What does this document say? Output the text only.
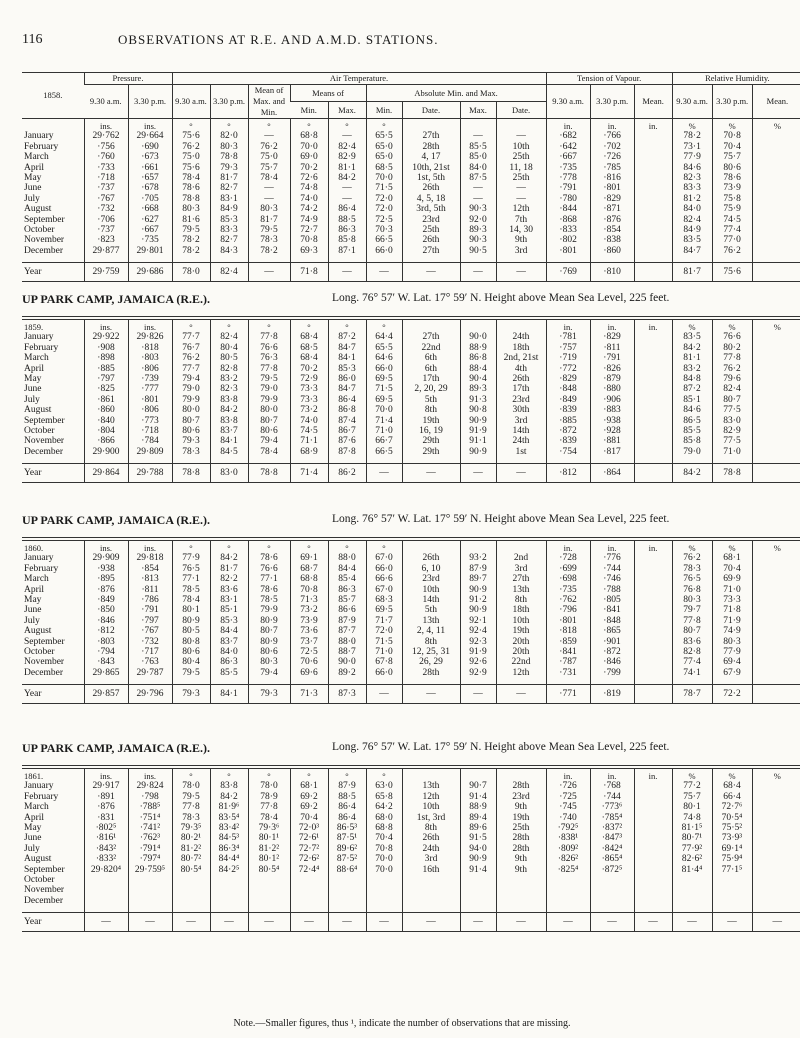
116	OBSERVATIONS AT R.E. AND A.M.D. STATIONS.
1858.	Pressure.		Air Temperature.									Tension of Vapour.			Relative Humidity.		
	9.30 a.m.	3.30 p.m.	9.30 a.m.	3.30 p.m.	Mean of Max. and Min.	Means of		Absolute Min. and Max.				9.30 a.m.	3.30 p.m.	Mean.	9.30 a.m.	3.30 p.m.	Mean.
						Min.	Max.	Min.	Date.	Max.	Date.						
	ins.	ins.	°	°	°	°	°	°				in.	in.	in.	%	%	%
January	29·762	29·664	75·6	82·0	—	68·8	—	65·5	27th	—	—	·682	·766		78·2	70·8	
February	·756	·690	76·2	80·3	76·2	70·0	82·4	65·0	28th	85·5	10th	·642	·702		73·1	70·4	
March	·760	·673	75·0	78·8	75·0	69·0	82·9	65·0	4, 17	85·0	25th	·667	·726		77·9	75·7	
April	·733	·661	75·6	79·3	75·7	70·2	81·1	68·5	10th, 21st	84·0	11, 18	·735	·785		84·6	80·6	
May	·718	·657	78·4	81·7	78·4	72·6	84·2	70·0	1st, 5th	87·5	25th	·778	·816		82·3	78·6	
June	·737	·678	78·6	82·7	—	74·8	—	71·5	26th	—	—	·791	·801		83·3	73·9	
July	·767	·705	78·8	83·1	—	74·0	—	72·0	4, 5, 18	—	—	·780	·829		81·2	75·8	
August	·732	·668	80·3	84·9	80·3	74·2	86·4	72·0	3rd, 5th	90·3	12th	·844	·871		84·0	75·9	
September	·706	·627	81·6	85·3	81·7	74·9	88·5	72·5	23rd	92·0	7th	·868	·876		82·4	74·5	
October	·737	·667	79·5	83·3	79·5	72·7	86·3	70·3	25th	89·3	14, 30	·833	·854		84·9	77·4	
November	·823	·735	78·2	82·7	78·3	70·8	85·8	66·5	26th	90·3	9th	·802	·838		83·5	77·0	
December	29·877	29·801	78·2	84·3	78·2	69·3	87·1	66·0	27th	90·5	3rd	·801	·860		84·7	76·2	

Year	29·759	29·686	78·0	82·4	—	71·8	—	—	—	—	—	·769	·810		81·7	75·6	
UP PARK CAMP, JAMAICA (R.E.).	Long. 76° 57′ W. Lat. 17° 59′ N. Height above Mean Sea Level, 225 feet.

1859.	ins.	ins.	°	°	°	°	°	°				in.	in.	in.	%	%	%
January	29·922	29·826	77·7	82·4	77·8	68·4	87·2	64·4	27th	90·0	24th	·781	·829		83·5	76·6	
February	·908	·818	76·7	80·4	76·6	68·5	84·7	65·5	22nd	88·9	18th	·757	·811		84·2	80·2	
March	·898	·803	76·2	80·5	76·3	68·4	84·1	64·6	6th	86·8	2nd, 21st	·719	·791		81·1	77·8	
April	·885	·806	77·7	82·8	77·8	70·2	85·3	66·0	6th	88·4	4th	·772	·826		83·2	76·2	
May	·797	·739	79·4	83·2	79·5	72·9	86·0	69·5	17th	90·4	26th	·829	·879		84·8	79·6	
June	·825	·777	79·0	82·3	79·0	73·3	84·7	71·5	2, 20, 29	89·3	17th	·848	·880		87·2	82·4	
July	·861	·801	79·9	83·8	79·9	73·3	86·4	69·5	5th	91·3	23rd	·849	·906		85·1	80·7	
August	·860	·806	80·0	84·2	80·0	73·2	86·8	70·0	8th	90·8	30th	·839	·883		84·6	77·5	
September	·840	·773	80·7	83·8	80·7	74·0	87·4	71·4	19th	90·9	3rd	·885	·938		86·5	83·0	
October	·804	·718	80·6	83·7	80·6	74·5	86·7	71·0	16, 19	91·9	14th	·872	·928		85·5	82·9	
November	·866	·784	79·3	84·1	79·4	71·1	87·6	66·7	29th	91·1	24th	·839	·881		85·8	77·5	
December	29·900	29·809	78·3	84·5	78·4	68·9	87·8	66·5	29th	90·9	1st	·754	·817		79·0	71·0	

Year	29·864	29·788	78·8	83·0	78·8	71·4	86·2	—	—	—	—	·812	·864		84·2	78·8	
UP PARK CAMP, JAMAICA (R.E.).	Long. 76° 57′ W. Lat. 17° 59′ N. Height above Mean Sea Level, 225 feet.

1860.	ins.	ins.	°	°	°	°	°	°				in.	in.	in.	%	%	%
January	29·909	29·818	77·9	84·2	78·6	69·1	88·0	67·0	26th	93·2	2nd	·728	·776		76·2	68·1	
February	·938	·854	76·5	81·7	76·6	68·7	84·4	66·0	6, 10	87·9	3rd	·699	·744		78·3	70·4	
March	·895	·813	77·1	82·2	77·1	68·8	85·4	66·6	23rd	89·7	27th	·698	·746		76·5	69·9	
April	·876	·811	78·5	83·6	78·6	70·8	86·3	67·0	10th	90·9	13th	·735	·788		76·8	71·0	
May	·849	·786	78·4	83·1	78·5	71·3	85·7	68·3	14th	91·2	8th	·762	·805		80·3	73·3	
June	·850	·791	80·1	85·1	79·9	73·2	86·6	69·5	5th	90·9	18th	·796	·841		79·7	71·8	
July	·846	·797	80·9	85·3	80·9	73·9	87·9	71·7	13th	92·1	10th	·801	·848		77·8	71·9	
August	·812	·767	80·5	84·4	80·7	73·6	87·7	72·0	2, 4, 11	92·4	19th	·818	·865		80·7	74·9	
September	·803	·732	80·8	83·7	80·9	73·7	88·0	71·5	8th	92·3	20th	·859	·901		83·6	80·3	
October	·794	·717	80·6	84·0	80·6	72·5	88·7	71·0	12, 25, 31	91·9	20th	·841	·872		82·8	77·9	
November	·843	·763	80·4	86·3	80·3	70·6	90·0	67·8	26, 29	92·6	22nd	·787	·846		77·4	69·4	
December	29·865	29·787	79·5	85·5	79·4	69·6	89·2	66·0	28th	92·9	12th	·731	·799		74·1	67·9	

Year	29·857	29·796	79·3	84·1	79·3	71·3	87·3	—	—	—	—	·771	·819		78·7	72·2	
UP PARK CAMP, JAMAICA (R.E.).	Long. 76° 57′ W. Lat. 17° 59′ N. Height above Mean Sea Level, 225 feet.

1861.	ins.	ins.	°	°	°	°	°	°				in.	in.	in.	%	%	%
January	29·917	29·824	78·0	83·8	78·0	68·1	87·9	63·0	13th	90·7	28th	·726	·768		77·2	68·4	
February	·891	·798	79·5	84·2	78·9	69·2	88·5	65·8	12th	91·4	23rd	·725	·744		75·7	66·4	
March	·876	·788⁵	77·8	81·9⁶	77·8	69·2	86·4	64·2	10th	88·9	9th	·745	·773⁶		80·1	72·7⁶	
April	·831	·751⁴	78·3	83·5⁴	78·4	70·4	86·4	68·0	1st, 3rd	89·4	19th	·740	·785⁴		74·8	70·5⁴	
May	·802⁵	·741²	79·3⁵	83·4²	79·3⁶	72·0³	86·5³	68·8	8th	89·6	25th	·792⁵	·837²		81·1⁵	75·5²	
June	·816¹	·762³	80·2¹	84·5³	80·1¹	72·6¹	87·5¹	70·4	26th	91·5	28th	·838¹	·847³		80·7¹	73·9³	
July	·843²	·791⁴	81·2²	86·3⁴	81·2²	72·7²	89·6²	70·8	24th	94·0	28th	·809²	·842⁴		77·9²	69·1⁴	
August	·833²	·797⁴	80·7²	84·4⁴	80·1²	72·6²	87·5²	70·0	3rd	90·9	9th	·826²	·865⁴		82·6²	75·9⁴	
September	29·820⁴	29·759⁵	80·5⁴	84·2⁵	80·5⁴	72·4⁴	88·6⁴	70·0	16th	91·4	9th	·825⁴	·872⁵		81·4⁴	77·1⁵	
October																	
November																	
December																	

Year	—	—	—	—	—	—	—	—	—	—	—	—	—	—	—	—	—
Note.—Smaller figures, thus ¹, indicate the number of observations that are missing.
